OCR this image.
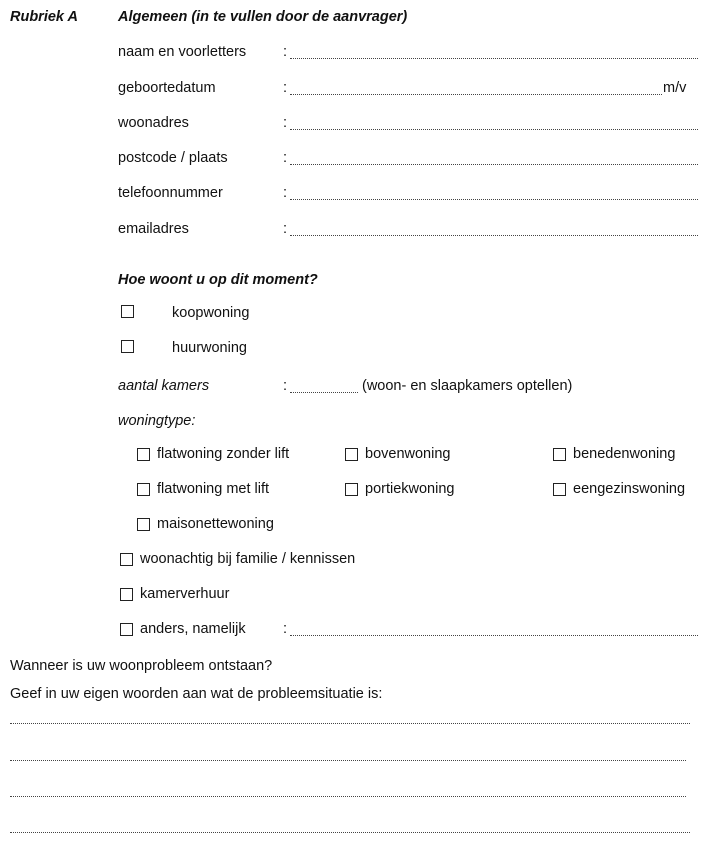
Rubriek A	Algemeen (in te vullen door de aanvrager)
naam en voorletters	:
geboortedatum	:	m/v
woonadres	:
postcode / plaats	:
telefoonnummer	:
emailadres	:
Hoe woont u op dit moment?
koopwoning
huurwoning
aantal kamers	:	(woon- en slaapkamers optellen)
woningtype:
flatwoning zonder lift	bovenwoning	benedenwoning
flatwoning met lift	portiekwoning	eengezinswoning
maisonettewoning
woonachtig bij familie / kennissen
kamerverhuur
anders, namelijk	:
Wanneer is uw woonprobleem ontstaan?
Geef in uw eigen woorden aan wat de probleemsituatie is:
